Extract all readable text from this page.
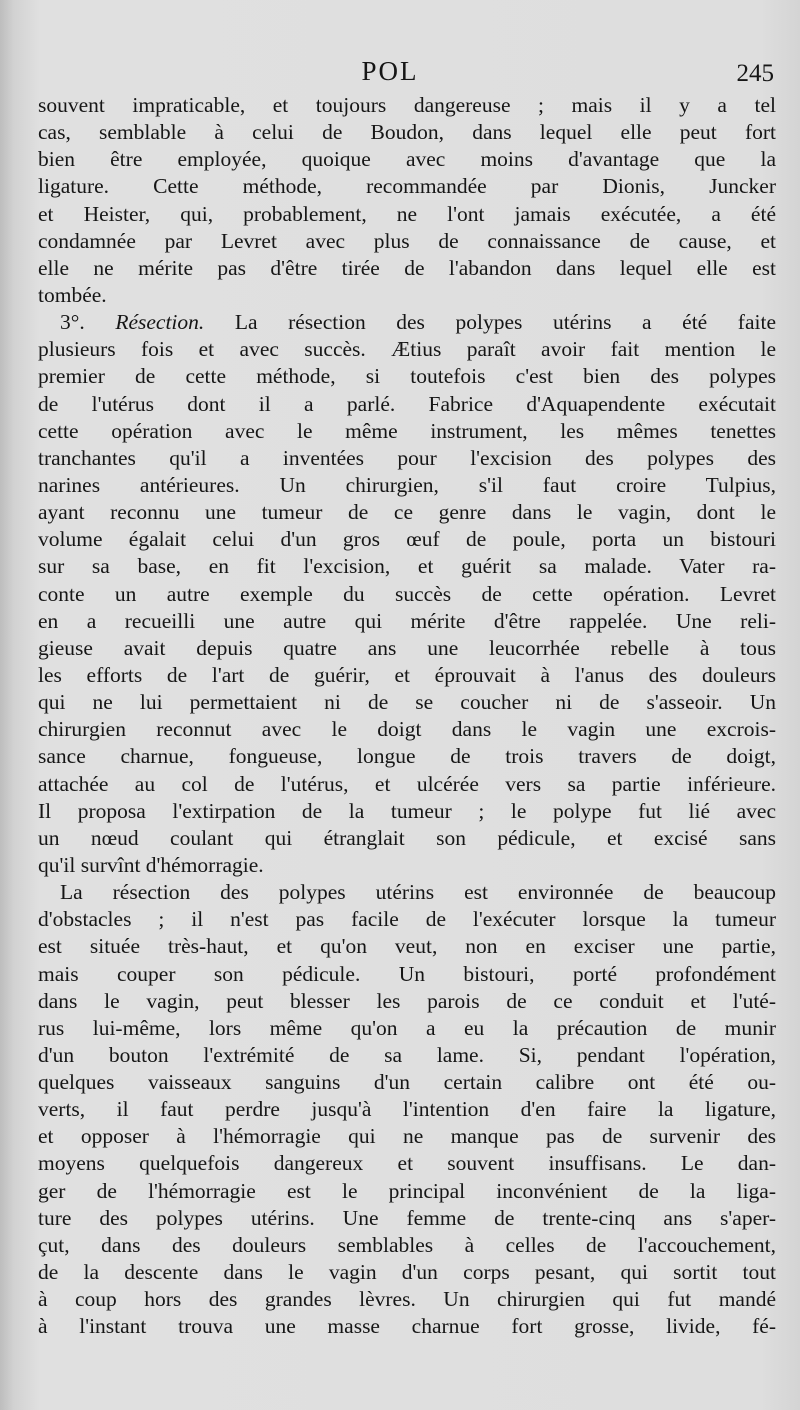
POL	245
souvent impraticable, et toujours dangereuse ; mais il y a tel
cas, semblable à celui de Boudon, dans lequel elle peut fort
bien être employée, quoique avec moins d'avantage que la
ligature. Cette méthode, recommandée par Dionis, Juncker
et Heister, qui, probablement, ne l'ont jamais exécutée, a été
condamnée par Levret avec plus de connaissance de cause, et
elle ne mérite pas d'être tirée de l'abandon dans lequel elle est
tombée.
3°. Résection. La résection des polypes utérins a été faite
plusieurs fois et avec succès. Ætius paraît avoir fait mention le
premier de cette méthode, si toutefois c'est bien des polypes
de l'utérus dont il a parlé. Fabrice d'Aquapendente exécutait
cette opération avec le même instrument, les mêmes tenettes
tranchantes qu'il a inventées pour l'excision des polypes des
narines antérieures. Un chirurgien, s'il faut croire Tulpius,
ayant reconnu une tumeur de ce genre dans le vagin, dont le
volume égalait celui d'un gros œuf de poule, porta un bistouri
sur sa base, en fit l'excision, et guérit sa malade. Vater ra-
conte un autre exemple du succès de cette opération. Levret
en a recueilli une autre qui mérite d'être rappelée. Une reli-
gieuse avait depuis quatre ans une leucorrhée rebelle à tous
les efforts de l'art de guérir, et éprouvait à l'anus des douleurs
qui ne lui permettaient ni de se coucher ni de s'asseoir. Un
chirurgien reconnut avec le doigt dans le vagin une excrois-
sance charnue, fongueuse, longue de trois travers de doigt,
attachée au col de l'utérus, et ulcérée vers sa partie inférieure.
Il proposa l'extirpation de la tumeur ; le polype fut lié avec
un nœud coulant qui étranglait son pédicule, et excisé sans
qu'il survînt d'hémorragie.
La résection des polypes utérins est environnée de beaucoup
d'obstacles ; il n'est pas facile de l'exécuter lorsque la tumeur
est située très-haut, et qu'on veut, non en exciser une partie,
mais couper son pédicule. Un bistouri, porté profondément
dans le vagin, peut blesser les parois de ce conduit et l'uté-
rus lui-même, lors même qu'on a eu la précaution de munir
d'un bouton l'extrémité de sa lame. Si, pendant l'opération,
quelques vaisseaux sanguins d'un certain calibre ont été ou-
verts, il faut perdre jusqu'à l'intention d'en faire la ligature,
et opposer à l'hémorragie qui ne manque pas de survenir des
moyens quelquefois dangereux et souvent insuffisans. Le dan-
ger de l'hémorragie est le principal inconvénient de la liga-
ture des polypes utérins. Une femme de trente-cinq ans s'aper-
çut, dans des douleurs semblables à celles de l'accouchement,
de la descente dans le vagin d'un corps pesant, qui sortit tout
à coup hors des grandes lèvres. Un chirurgien qui fut mandé
à l'instant trouva une masse charnue fort grosse, livide, fé-
